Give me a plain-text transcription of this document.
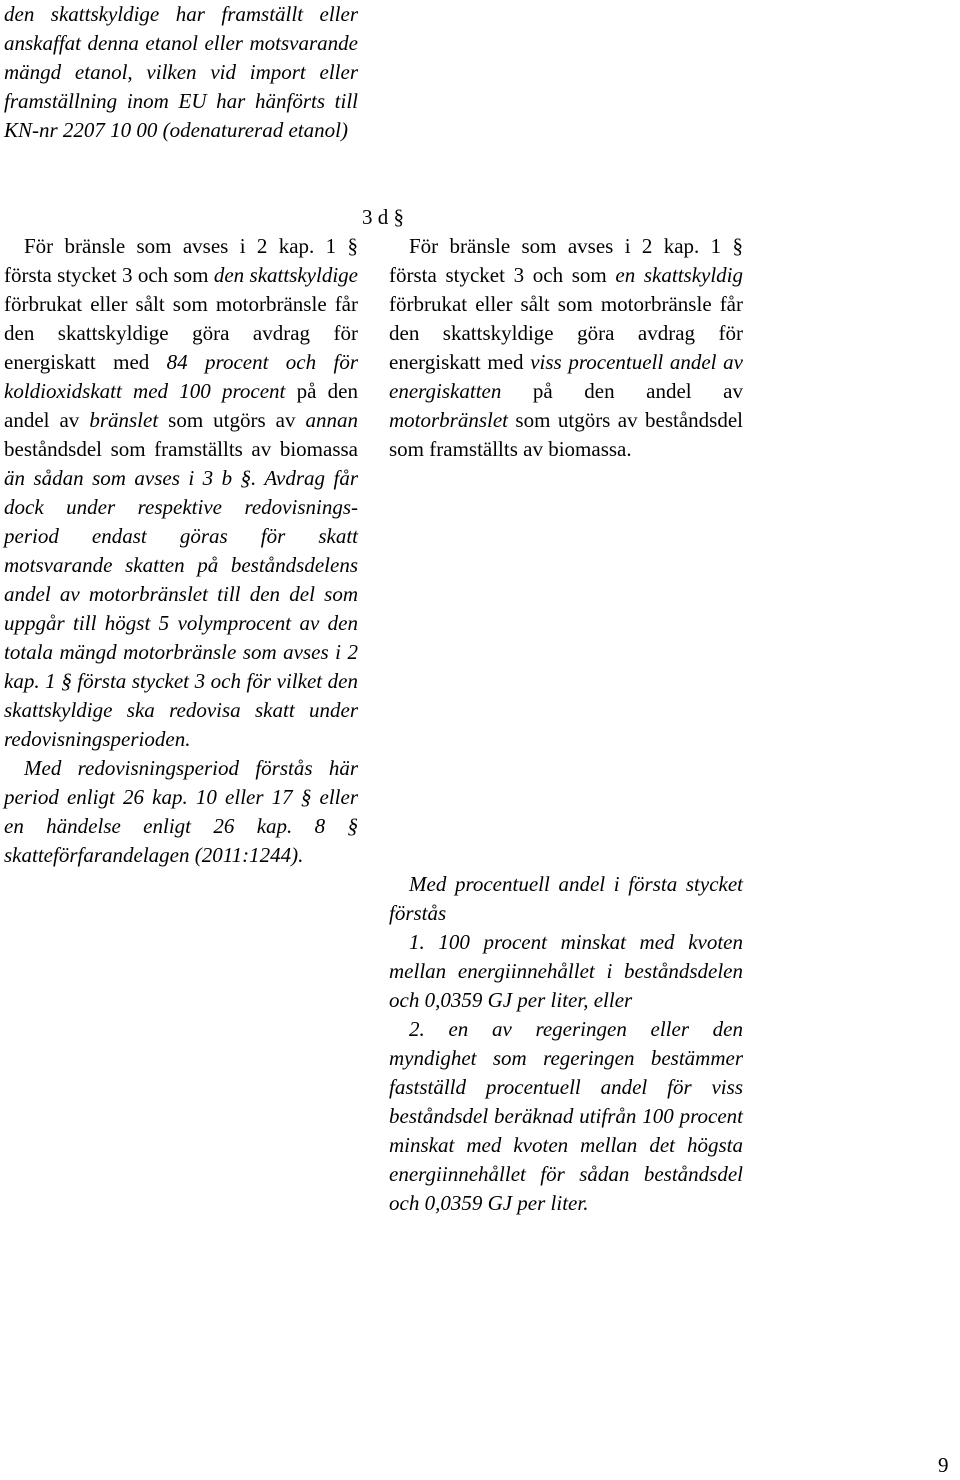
den skattskyldige har framställt eller anskaffat denna etanol eller motsvarande mängd etanol, vilken vid import eller framställning inom EU har hänförts till KN-nr 2207 10 00 (odenaturerad etanol)

3 d §

För bränsle som avses i 2 kap. 1 § första stycket 3 och som den skattskyldige förbrukat eller sålt som motorbränsle får den skattskyldige göra avdrag för energiskatt med 84 procent och för koldioxidskatt med 100 procent på den andel av bränslet som utgörs av annan beståndsdel som framställts av biomassa än sådan som avses i 3 b §. Avdrag får dock under respektive redovisnings-period endast göras för skatt motsvarande skatten på beståndsdelens andel av motorbränslet till den del som uppgår till högst 5 volymprocent av den totala mängd motorbränsle som avses i 2 kap. 1 § första stycket 3 och för vilket den skattskyldige ska redovisa skatt under redovisningsperioden.

Med redovisningsperiod förstås här period enligt 26 kap. 10 eller 17 § eller en händelse enligt 26 kap. 8 § skatteförfarandelagen (2011:1244).

För bränsle som avses i 2 kap. 1 § första stycket 3 och som en skattskyldig förbrukat eller sålt som motorbränsle får den skattskyldige göra avdrag för energiskatt med viss procentuell andel av energiskatten på den andel av motorbränslet som utgörs av beståndsdel som framställts av biomassa.

Med procentuell andel i första stycket förstås

1. 100 procent minskat med kvoten mellan energiinnehållet i beståndsdelen och 0,0359 GJ per liter, eller

2. en av regeringen eller den myndighet som regeringen bestämmer fastställd procentuell andel för viss beståndsdel beräknad utifrån 100 procent minskat med kvoten mellan det högsta energiinnehållet för sådan beståndsdel och 0,0359 GJ per liter.

9
